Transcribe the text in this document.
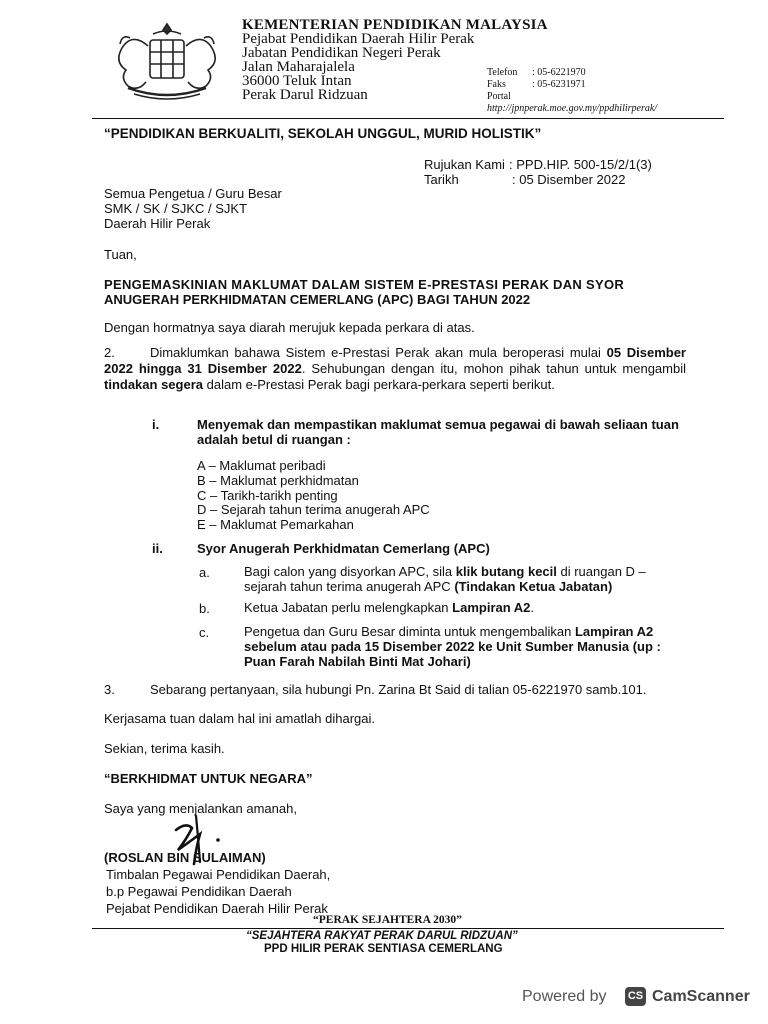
KEMENTERIAN PENDIDIKAN MALAYSIA
Pejabat Pendidikan Daerah Hilir Perak
Jabatan Pendidikan Negeri Perak
Jalan Maharajalela
36000 Teluk Intan
Perak Darul Ridzuan
Telefon : 05-6221970
Faks	: 05-6231971
Portal
http://jpnperak.moe.gov.my/ppdhilirperak/
“PENDIDIKAN BERKUALITI, SEKOLAH UNGGUL, MURID HOLISTIK”
Rujukan Kami : PPD.HIP. 500-15/2/1(3)
Tarikh	: 05 Disember 2022
Semua Pengetua / Guru Besar
SMK / SK / SJKC / SJKT
Daerah Hilir Perak
Tuan,
PENGEMASKINIAN MAKLUMAT DALAM SISTEM E-PRESTASI PERAK DAN SYOR
ANUGERAH PERKHIDMATAN CEMERLANG (APC) BAGI TAHUN 2022
Dengan hormatnya saya diarah merujuk kepada perkara di atas.
2.	Dimaklumkan bahawa Sistem e-Prestasi Perak akan mula beroperasi mulai 05 Disember 2022 hingga 31 Disember 2022. Sehubungan dengan itu, mohon pihak tahun untuk mengambil tindakan segera dalam e-Prestasi Perak bagi perkara-perkara seperti berikut.
i.	Menyemak dan mempastikan maklumat semua pegawai di bawah seliaan tuan adalah betul di ruangan :
A – Maklumat peribadi
B – Maklumat perkhidmatan
C – Tarikh-tarikh penting
D – Sejarah tahun terima anugerah APC
E – Maklumat Pemarkahan
ii.	Syor Anugerah Perkhidmatan Cemerlang (APC)
a.	Bagi calon yang disyorkan APC, sila klik butang kecil di ruangan D – sejarah tahun terima anugerah APC (Tindakan Ketua Jabatan)
b.	Ketua Jabatan perlu melengkapkan Lampiran A2.
c.	Pengetua dan Guru Besar diminta untuk mengembalikan Lampiran A2 sebelum atau pada 15 Disember 2022 ke Unit Sumber Manusia (up : Puan Farah Nabilah Binti Mat Johari)
3.	Sebarang pertanyaan, sila hubungi Pn. Zarina Bt Said di talian 05-6221970 samb.101.
Kerjasama tuan dalam hal ini amatlah dihargai.
Sekian, terima kasih.
“BERKHIDMAT UNTUK NEGARA”
Saya yang menjalankan amanah,
(ROSLAN BIN SULAIMAN)
Timbalan Pegawai Pendidikan Daerah,
b.p Pegawai Pendidikan Daerah
Pejabat Pendidikan Daerah Hilir Perak
“PERAK SEJAHTERA 2030”
“SEJAHTERA RAKYAT PERAK DARUL RIDZUAN”
PPD HILIR PERAK SENTIASA CEMERLANG
Powered by CS CamScanner
